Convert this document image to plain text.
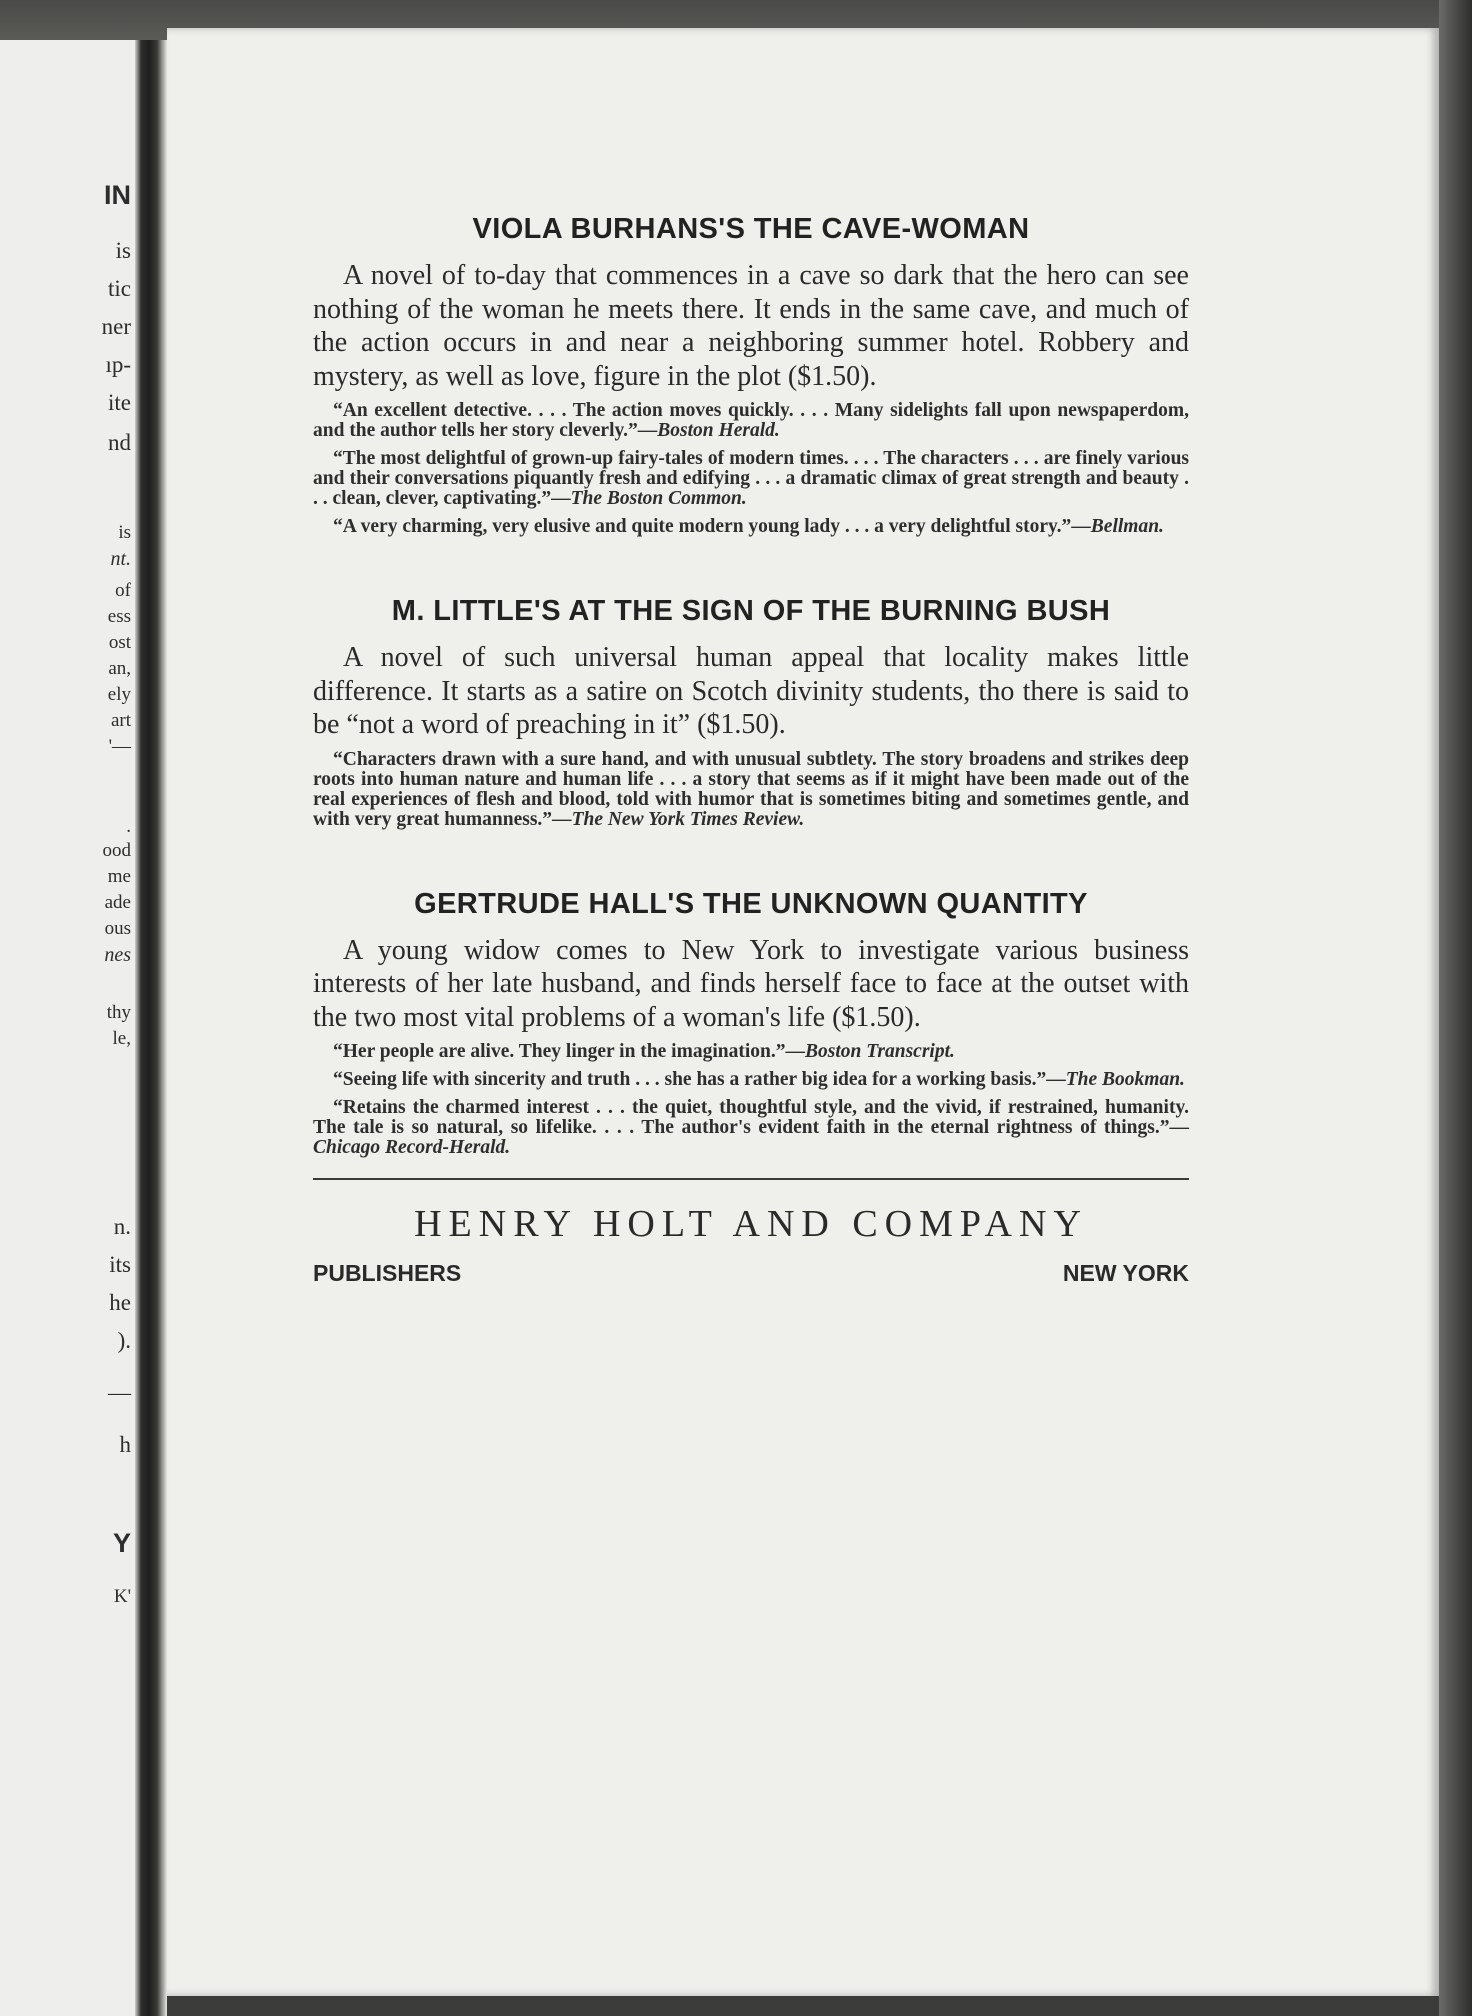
IN
is
tic
ner
ıp-
ite
nd
is
nt.
of
ess
ost
an,
ely
art
'—
.
ood
me
ade
ous
nes
thy
le,
n.
its
he
).
—
h
Y
K'
VIOLA BURHANS'S THE CAVE-WOMAN

A novel of to-day that commences in a cave so dark that the hero can see nothing of the woman he meets there. It ends in the same cave, and much of the action occurs in and near a neighboring summer hotel. Robbery and mystery, as well as love, figure in the plot ($1.50).

“An excellent detective. . . . The action moves quickly. . . . Many sidelights fall upon newspaperdom, and the author tells her story cleverly.”—Boston Herald.

“The most delightful of grown-up fairy-tales of modern times. . . . The characters . . . are finely various and their conversations piquantly fresh and edifying . . . a dramatic climax of great strength and beauty . . . clean, clever, captivating.”—The Boston Common.

“A very charming, very elusive and quite modern young lady . . . a very delightful story.”—Bellman.

M. LITTLE'S AT THE SIGN OF THE BURNING BUSH

A novel of such universal human appeal that locality makes little difference. It starts as a satire on Scotch divinity students, tho there is said to be “not a word of preaching in it” ($1.50).

“Characters drawn with a sure hand, and with unusual subtlety. The story broadens and strikes deep roots into human nature and human life . . . a story that seems as if it might have been made out of the real experiences of flesh and blood, told with humor that is sometimes biting and sometimes gentle, and with very great humanness.”—The New York Times Review.

GERTRUDE HALL'S THE UNKNOWN QUANTITY

A young widow comes to New York to investigate various business interests of her late husband, and finds herself face to face at the outset with the two most vital problems of a woman's life ($1.50).

“Her people are alive. They linger in the imagination.”—Boston Transcript.

“Seeing life with sincerity and truth . . . she has a rather big idea for a working basis.”—The Bookman.

“Retains the charmed interest . . . the quiet, thoughtful style, and the vivid, if restrained, humanity. The tale is so natural, so lifelike. . . . The author's evident faith in the eternal rightness of things.”—Chicago Record-Herald.

HENRY HOLT AND COMPANY
PUBLISHERS	NEW YORK
